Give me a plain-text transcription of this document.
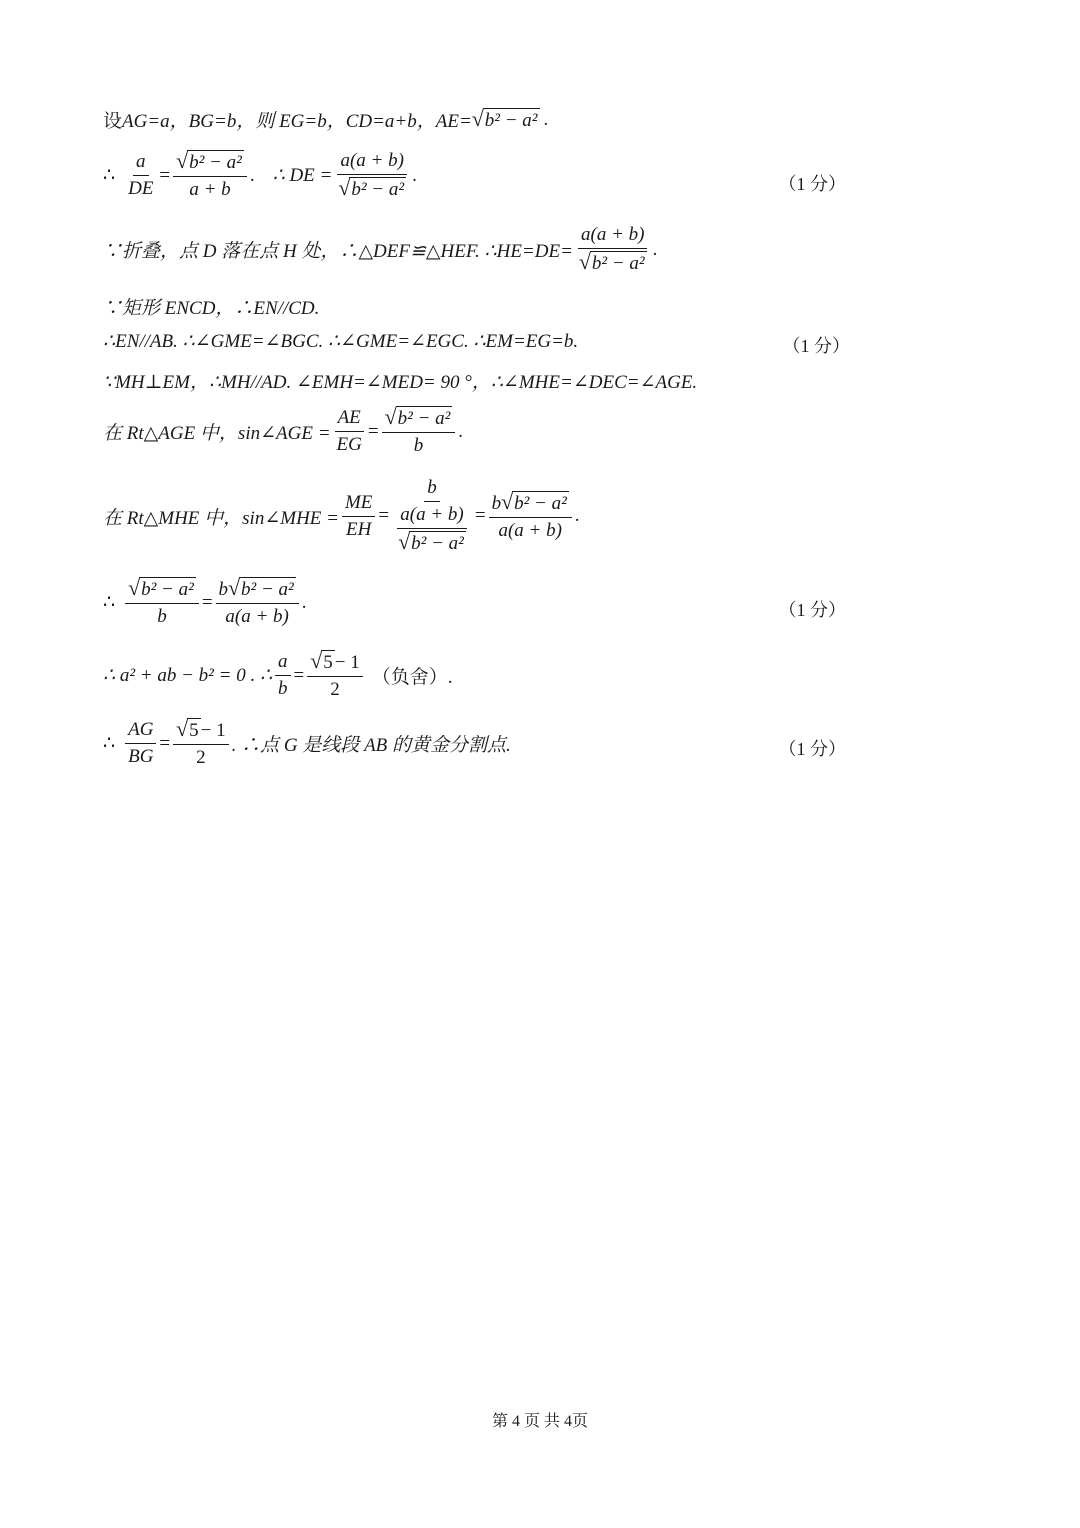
设 AG=a，BG=b，则 EG=b，CD=a+b，AE= √ b² − a² .
∴ $\frac{a}{DE} = \frac{\text{√ b² − a²}}{a + b}$ . ∴ DE = $\frac{a(a + b)}{\text{√ b² − a²}}$ .	（1 分）
∵折叠，点 D 落在点 H 处，∴△DEF≌△HEF. ∴HE=DE= $\frac{a(a + b)}{\text{√ b² − a²}}$ .
∵矩形 ENCD，∴EN//CD.
∴EN//AB. ∴∠GME=∠BGC. ∴∠GME=∠EGC. ∴EM=EG=b.	（1 分）
∵MH⊥EM，∴MH//AD. ∠EMH=∠MED= 90 °，∴∠MHE=∠DEC=∠AGE.
在 Rt△AGE 中，sin∠AGE = $\frac{AE}{EG} = \frac{\text{√ b² − a²}}{b}$ .
在 Rt△MHE 中，sin∠MHE = $\frac{ME}{EH} = \frac{b}{\frac{a(a + b)}{\text{√ b² − a²}}} = \frac{\text{b √ b² − a²}}{a(a + b)}$ .
∴ $\frac{\text{√ b² − a²}}{b} = \frac{\text{b √ b² − a²}}{a(a + b)}$ .	（1 分）
∴ a² + ab − b² = 0 . ∴ $\frac{a}{b} = \frac{√ 5 - 1}{2}$ （负舍）.
∴ $\frac{AG}{BG} = \frac{√ 5 - 1}{2}$ . ∴点 G 是线段 AB 的黄金分割点.	（1 分）
第 4 页 共 4页
